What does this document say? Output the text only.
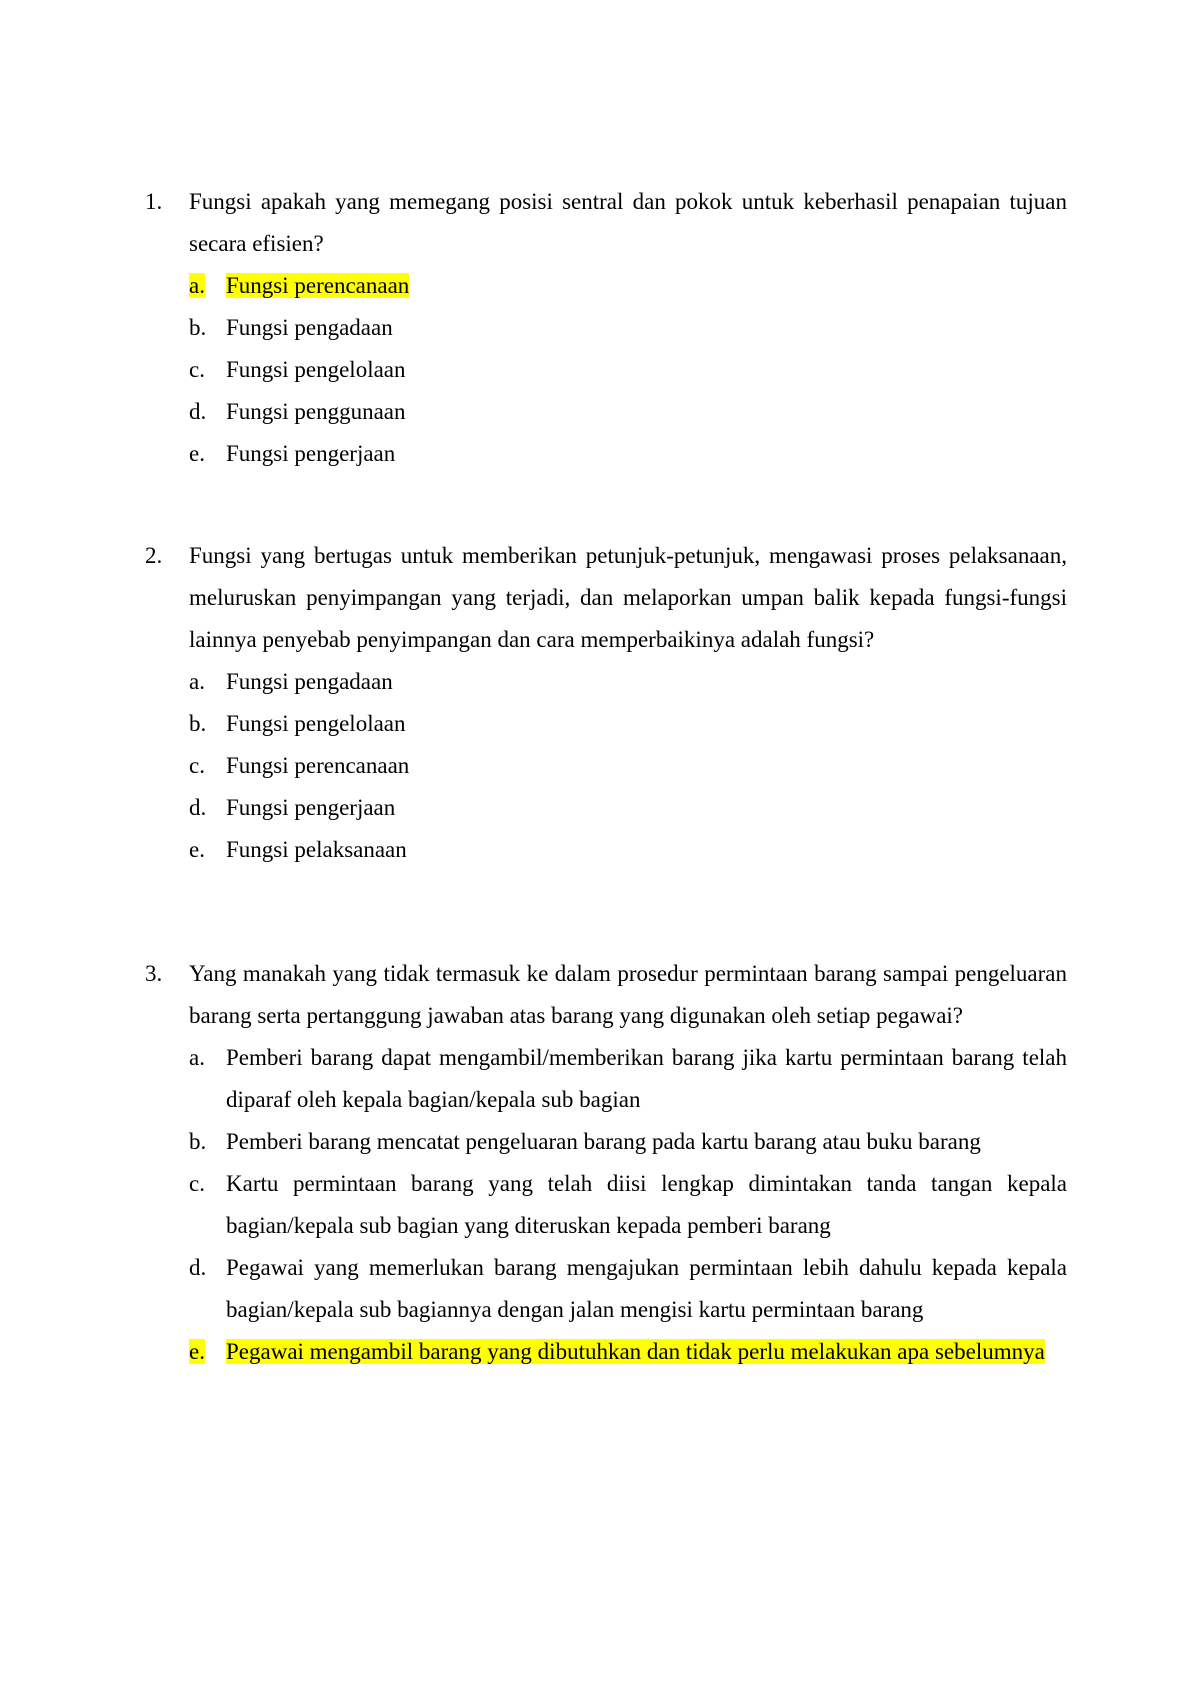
1.	Fungsi apakah yang memegang posisi sentral dan pokok untuk keberhasil penapaian tujuan secara efisien?
a. Fungsi perencanaan
b. Fungsi pengadaan
c. Fungsi pengelolaan
d. Fungsi penggunaan
e. Fungsi pengerjaan
2.	Fungsi yang bertugas untuk memberikan petunjuk-petunjuk, mengawasi proses pelaksanaan, meluruskan penyimpangan yang terjadi, dan melaporkan umpan balik kepada fungsi-fungsi lainnya penyebab penyimpangan dan cara memperbaikinya adalah fungsi?
a. Fungsi pengadaan
b. Fungsi pengelolaan
c. Fungsi perencanaan
d. Fungsi pengerjaan
e. Fungsi pelaksanaan
3.	Yang manakah yang tidak termasuk ke dalam prosedur permintaan barang sampai pengeluaran barang serta pertanggung jawaban atas barang yang digunakan oleh setiap pegawai?
a. Pemberi barang dapat mengambil/memberikan barang jika kartu permintaan barang telah diparaf oleh kepala bagian/kepala sub bagian
b. Pemberi barang mencatat pengeluaran barang pada kartu barang atau buku barang
c. Kartu permintaan barang yang telah diisi lengkap dimintakan tanda tangan kepala bagian/kepala sub bagian yang diteruskan kepada pemberi barang
d. Pegawai yang memerlukan barang mengajukan permintaan lebih dahulu kepada kepala bagian/kepala sub bagiannya dengan jalan mengisi kartu permintaan barang
e. Pegawai mengambil barang yang dibutuhkan dan tidak perlu melakukan apa sebelumnya
